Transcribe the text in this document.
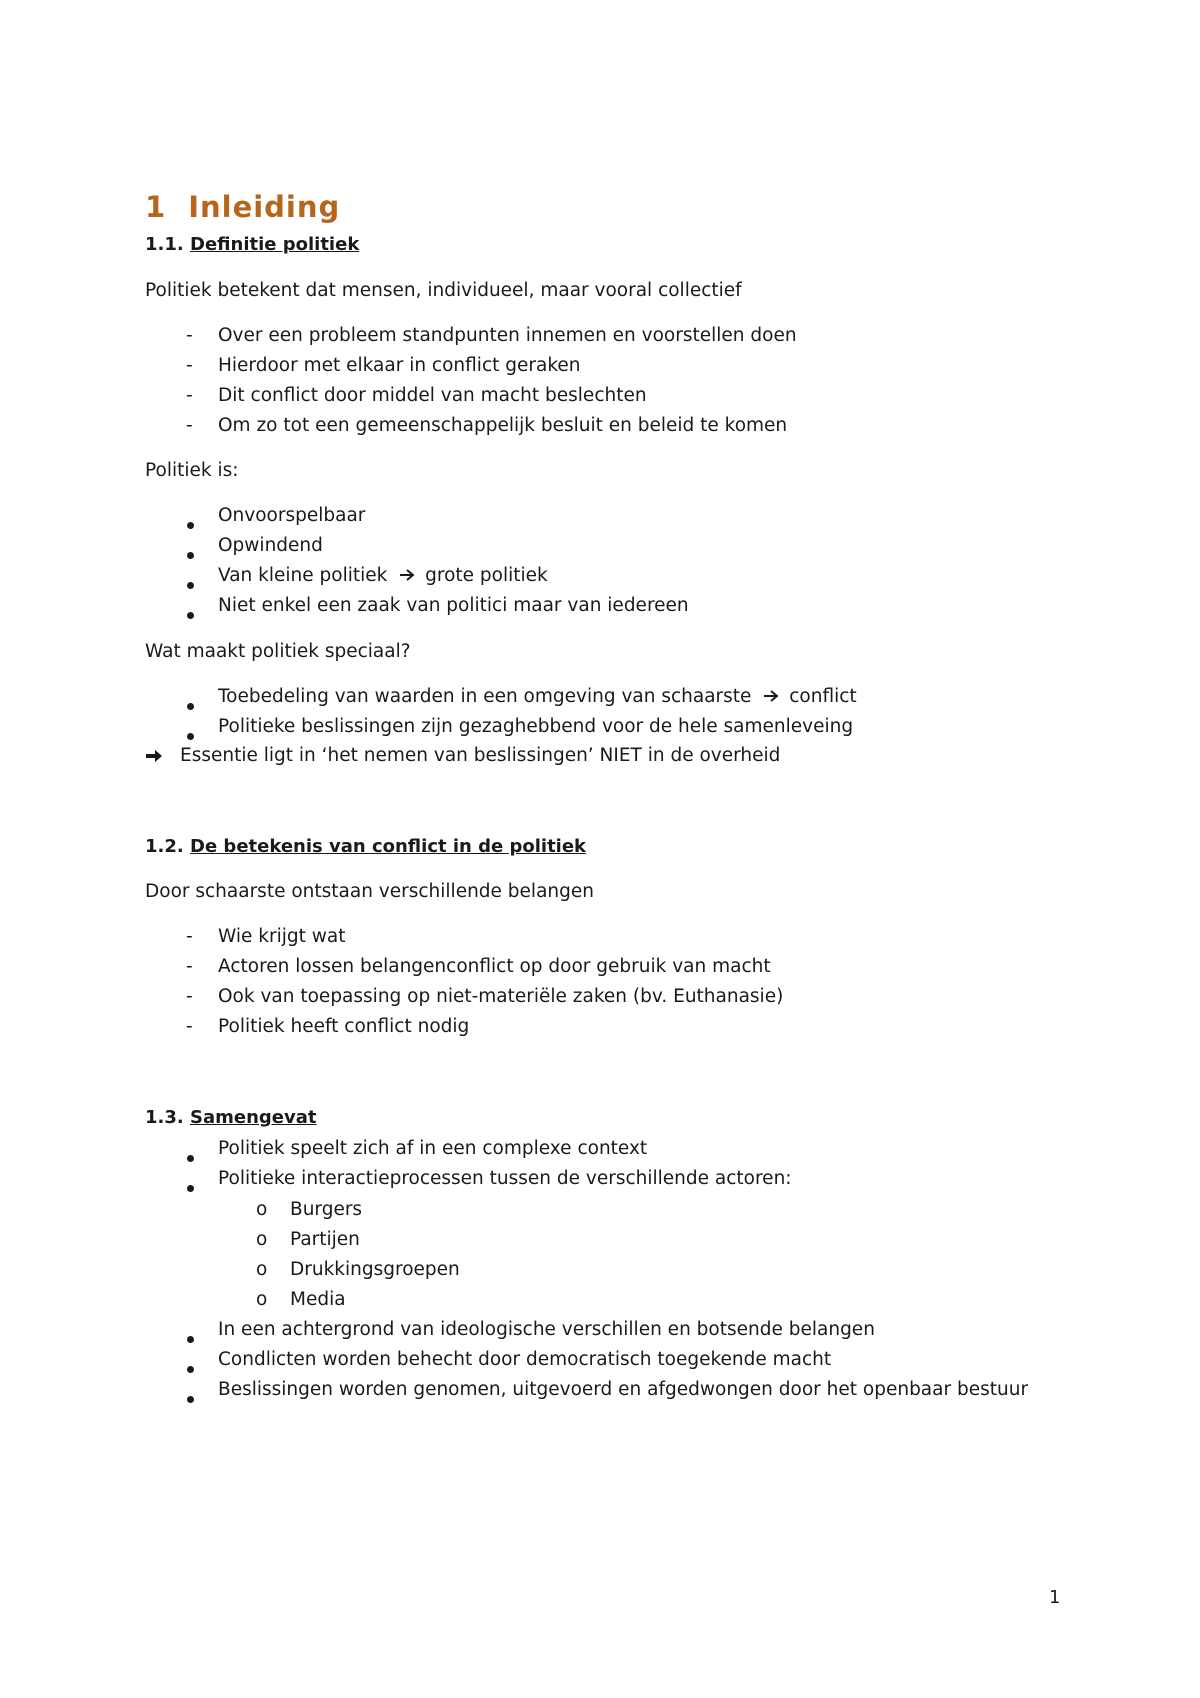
1 Inleiding
1.1. Definitie politiek
Politiek betekent dat mensen, individueel, maar vooral collectief
- Over een probleem standpunten innemen en voorstellen doen
- Hierdoor met elkaar in conflict geraken
- Dit conflict door middel van macht beslechten
- Om zo tot een gemeenschappelijk besluit en beleid te komen
Politiek is:
Onvoorspelbaar
Opwindend
Van kleine politiek grote politiek
Niet enkel een zaak van politici maar van iedereen
Wat maakt politiek speciaal?
Toebedeling van waarden in een omgeving van schaarste conflict
Politieke beslissingen zijn gezaghebbend voor de hele samenleveing
Essentie ligt in ‘het nemen van beslissingen’ NIET in de overheid
1.2. De betekenis van conflict in de politiek
Door schaarste ontstaan verschillende belangen
- Wie krijgt wat
- Actoren lossen belangenconflict op door gebruik van macht
- Ook van toepassing op niet-materiële zaken (bv. Euthanasie)
- Politiek heeft conflict nodig
1.3. Samengevat
Politiek speelt zich af in een complexe context
Politieke interactieprocessen tussen de verschillende actoren:
o Burgers
o Partijen
o Drukkingsgroepen
o Media
In een achtergrond van ideologische verschillen en botsende belangen
Condlicten worden behecht door democratisch toegekende macht
Beslissingen worden genomen, uitgevoerd en afgedwongen door het openbaar bestuur
1
